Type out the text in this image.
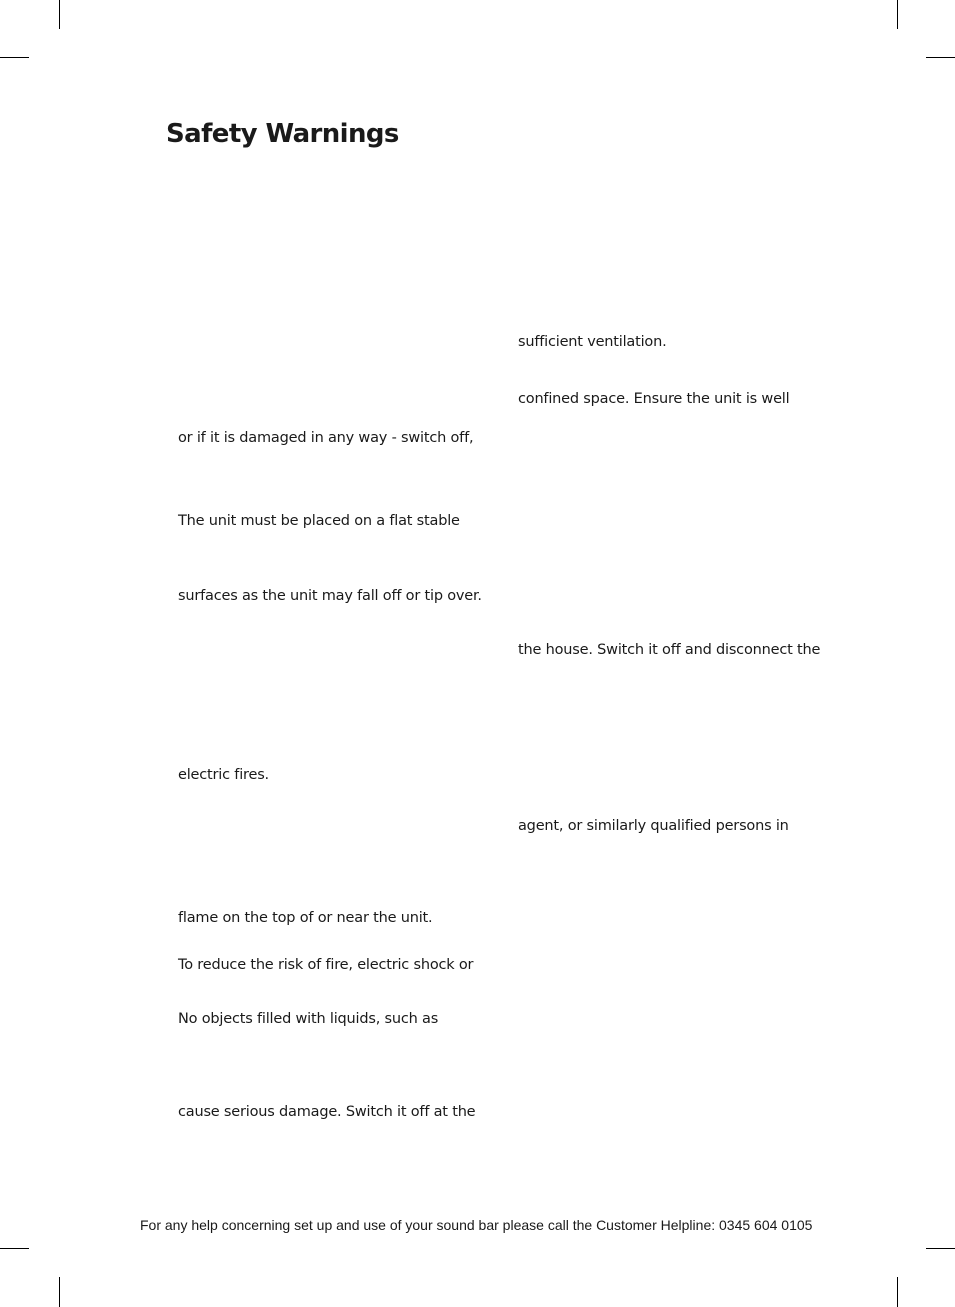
Safety Warnings
or if it is damaged in any way - switch off,
The unit must be placed on a flat stable
surfaces as the unit may fall off or tip over.
electric fires.
flame on the top of or near the unit.
To reduce the risk of fire, electric shock or
No objects filled with liquids, such as
cause serious damage. Switch it off at the
sufficient ventilation.
confined space. Ensure the unit is well
the house. Switch it off and disconnect the
agent, or similarly qualified persons in
For any help concerning set up and use of your sound bar please call the Customer Helpline: 0345 604 0105
